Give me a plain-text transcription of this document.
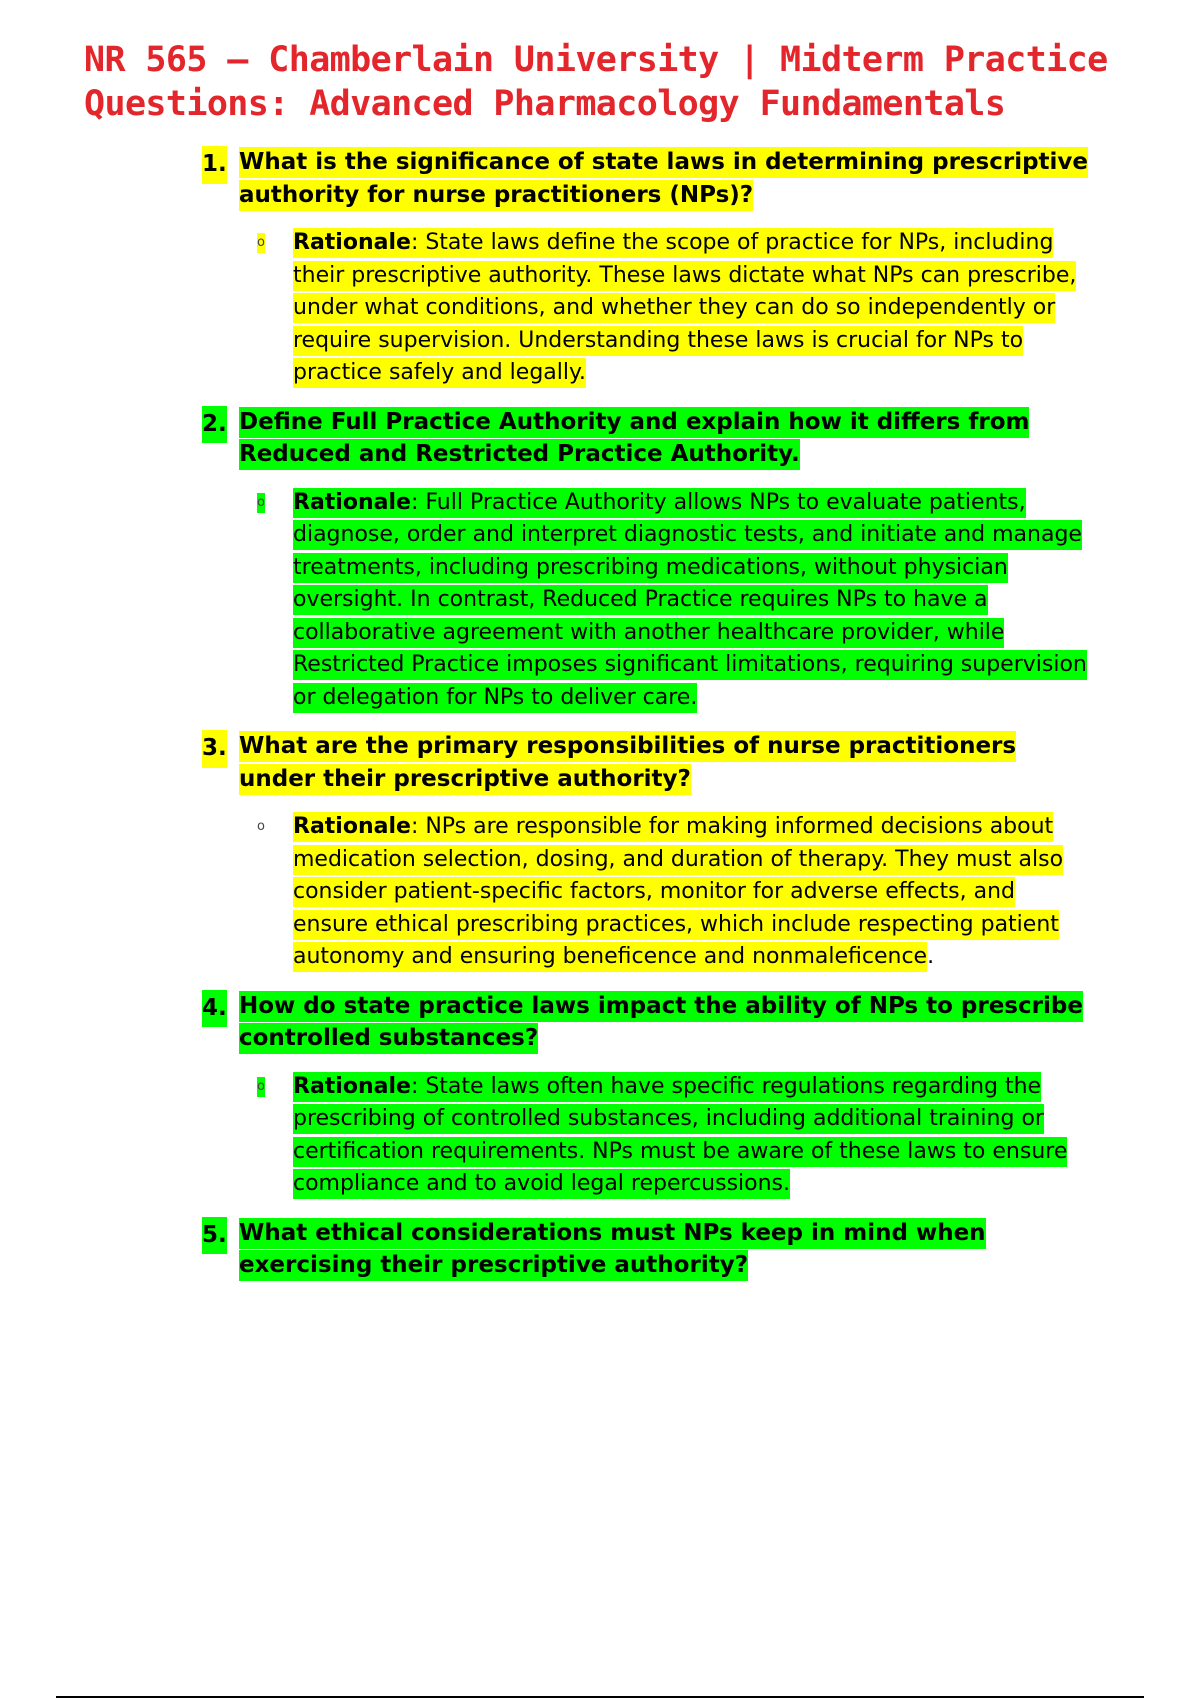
NR 565 – Chamberlain University | Midterm Practice Questions: Advanced Pharmacology Fundamentals
1. What is the significance of state laws in determining prescriptive authority for nurse practitioners (NPs)?
o	Rationale: State laws define the scope of practice for NPs, including their prescriptive authority. These laws dictate what NPs can prescribe, under what conditions, and whether they can do so independently or require supervision. Understanding these laws is crucial for NPs to practice safely and legally.
2. Define Full Practice Authority and explain how it differs from Reduced and Restricted Practice Authority.
o	Rationale: Full Practice Authority allows NPs to evaluate patients, diagnose, order and interpret diagnostic tests, and initiate and manage treatments, including prescribing medications, without physician oversight. In contrast, Reduced Practice requires NPs to have a collaborative agreement with another healthcare provider, while Restricted Practice imposes significant limitations, requiring supervision or delegation for NPs to deliver care.
3. What are the primary responsibilities of nurse practitioners under their prescriptive authority?
o	Rationale: NPs are responsible for making informed decisions about medication selection, dosing, and duration of therapy. They must also consider patient-specific factors, monitor for adverse effects, and ensure ethical prescribing practices, which include respecting patient autonomy and ensuring beneficence and nonmaleficence.
4. How do state practice laws impact the ability of NPs to prescribe controlled substances?
o	Rationale: State laws often have specific regulations regarding the prescribing of controlled substances, including additional training or certification requirements. NPs must be aware of these laws to ensure compliance and to avoid legal repercussions.
5. What ethical considerations must NPs keep in mind when exercising their prescriptive authority?
